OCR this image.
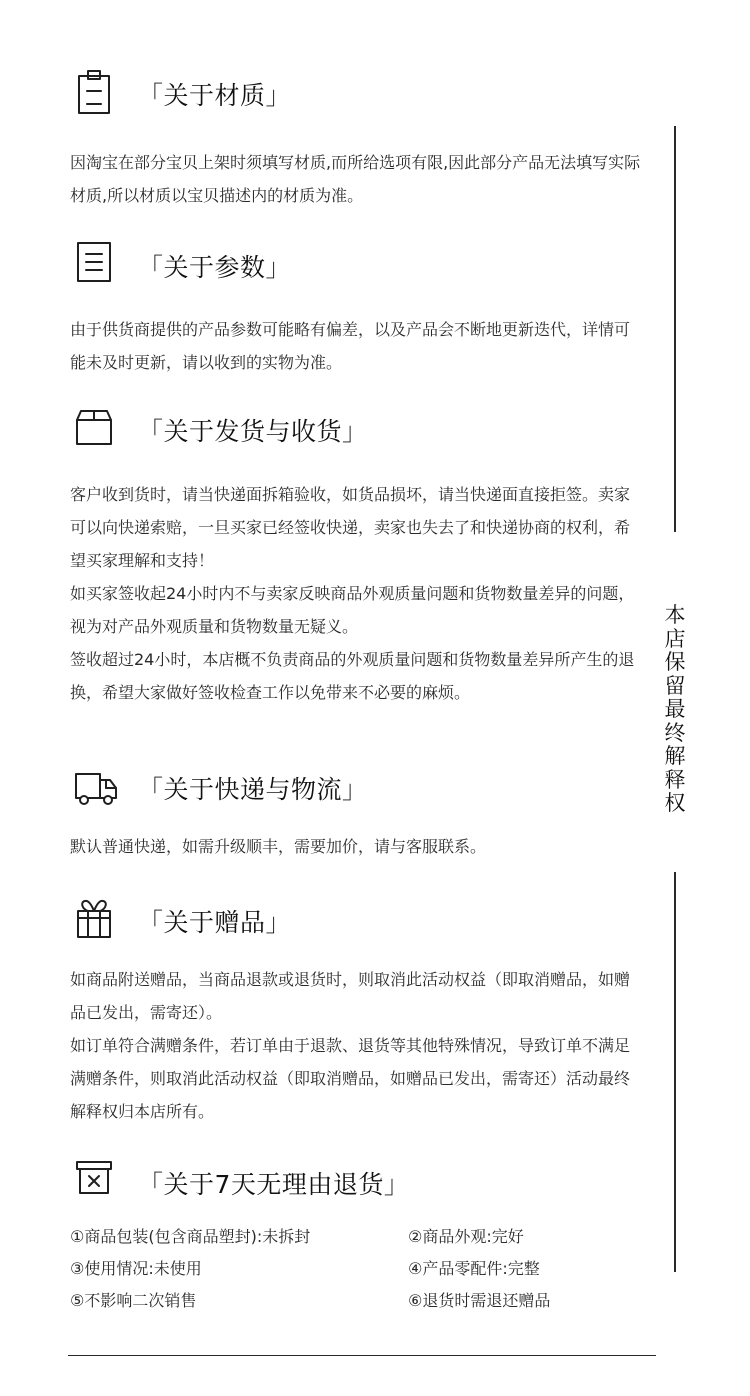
「关于材质」

因淘宝在部分宝贝上架时须填写材质,而所给选项有限,因此部分产品无法填写实际材质,所以材质以宝贝描述内的材质为准。

「关于参数」

由于供货商提供的产品参数可能略有偏差，以及产品会不断地更新迭代，详情可能未及时更新，请以收到的实物为准。

「关于发货与收货」

客户收到货时，请当快递面拆箱验收，如货品损坏，请当快递面直接拒签。卖家可以向快递索赔，一旦买家已经签收快递，卖家也失去了和快递协商的权利，希望买家理解和支持！

如买家签收起24小时内不与卖家反映商品外观质量问题和货物数量差异的问题，视为对产品外观质量和货物数量无疑义。

签收超过24小时，本店概不负责商品的外观质量问题和货物数量差异所产生的退换，希望大家做好签收检查工作以免带来不必要的麻烦。

「关于快递与物流」

默认普通快递，如需升级顺丰，需要加价，请与客服联系。

「关于赠品」

如商品附送赠品，当商品退款或退货时，则取消此活动权益（即取消赠品，如赠品已发出，需寄还）。

如订单符合满赠条件，若订单由于退款、退货等其他特殊情况，导致订单不满足满赠条件，则取消此活动权益（即取消赠品，如赠品已发出，需寄还）活动最终解释权归本店所有。

「关于7天无理由退货」
①商品包装(包含商品塑封):未拆封	②商品外观:完好
③使用情况:未使用	④产品零配件:完整
⑤不影响二次销售	⑥退货时需退还赠品
本
店
保
留
最
终
解
释
权
